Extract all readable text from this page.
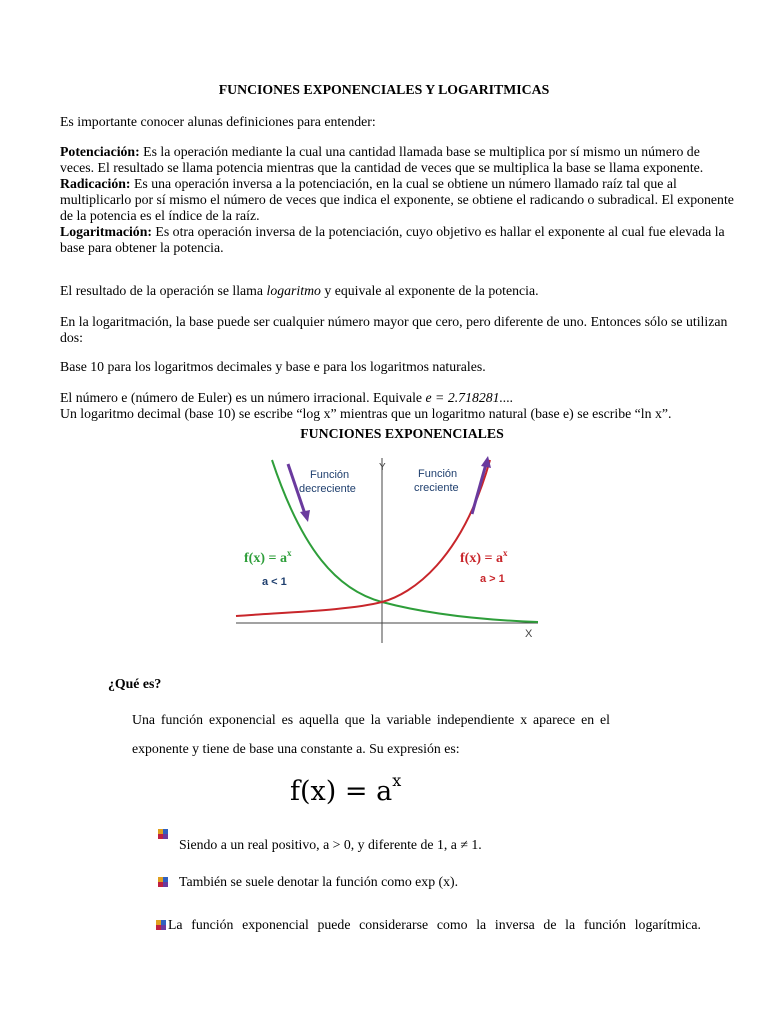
FUNCIONES EXPONENCIALES Y LOGARITMICAS
Es importante conocer alunas definiciones para entender:
Potenciación: Es la operación mediante la cual una cantidad llamada base se multiplica por sí mismo un número de veces. El resultado se llama potencia mientras que la cantidad de veces que se multiplica la base se llama exponente.
Radicación: Es una operación inversa a la potenciación, en la cual se obtiene un número llamado raíz tal que al multiplicarlo por sí mismo el número de veces que indica el exponente, se obtiene el radicando o subradical. El exponente de la potencia es el índice de la raíz.
Logaritmación: Es otra operación inversa de la potenciación, cuyo objetivo es hallar el exponente al cual fue elevada la base para obtener la potencia.
El resultado de la operación se llama logaritmo y equivale al exponente de la potencia.
En la logaritmación, la base puede ser cualquier número mayor que cero, pero diferente de uno. Entonces sólo se utilizan dos:
Base 10 para los logaritmos decimales y base e para los logaritmos naturales.
El número e (número de Euler) es un número irracional. Equivale e = 2.718281....
Un logaritmo decimal (base 10) se escribe “log x” mientras que un logaritmo natural (base e) se escribe “ln x”.
FUNCIONES EXPONENCIALES
Y
X
Función
decreciente
Función
creciente
$f(x) = a^x$
a < 1
$f(x) = a^x$
a > 1
¿Qué es?
Una función exponencial es aquella que la variable independiente x aparece en el
exponente y tiene de base una constante a. Su expresión es:
$f(x) = a^x$
Siendo a un real positivo, a > 0, y diferente de 1, a ≠ 1.
También se suele denotar la función como exp (x).
La función exponencial puede considerarse como la inversa de la función logarítmica.
